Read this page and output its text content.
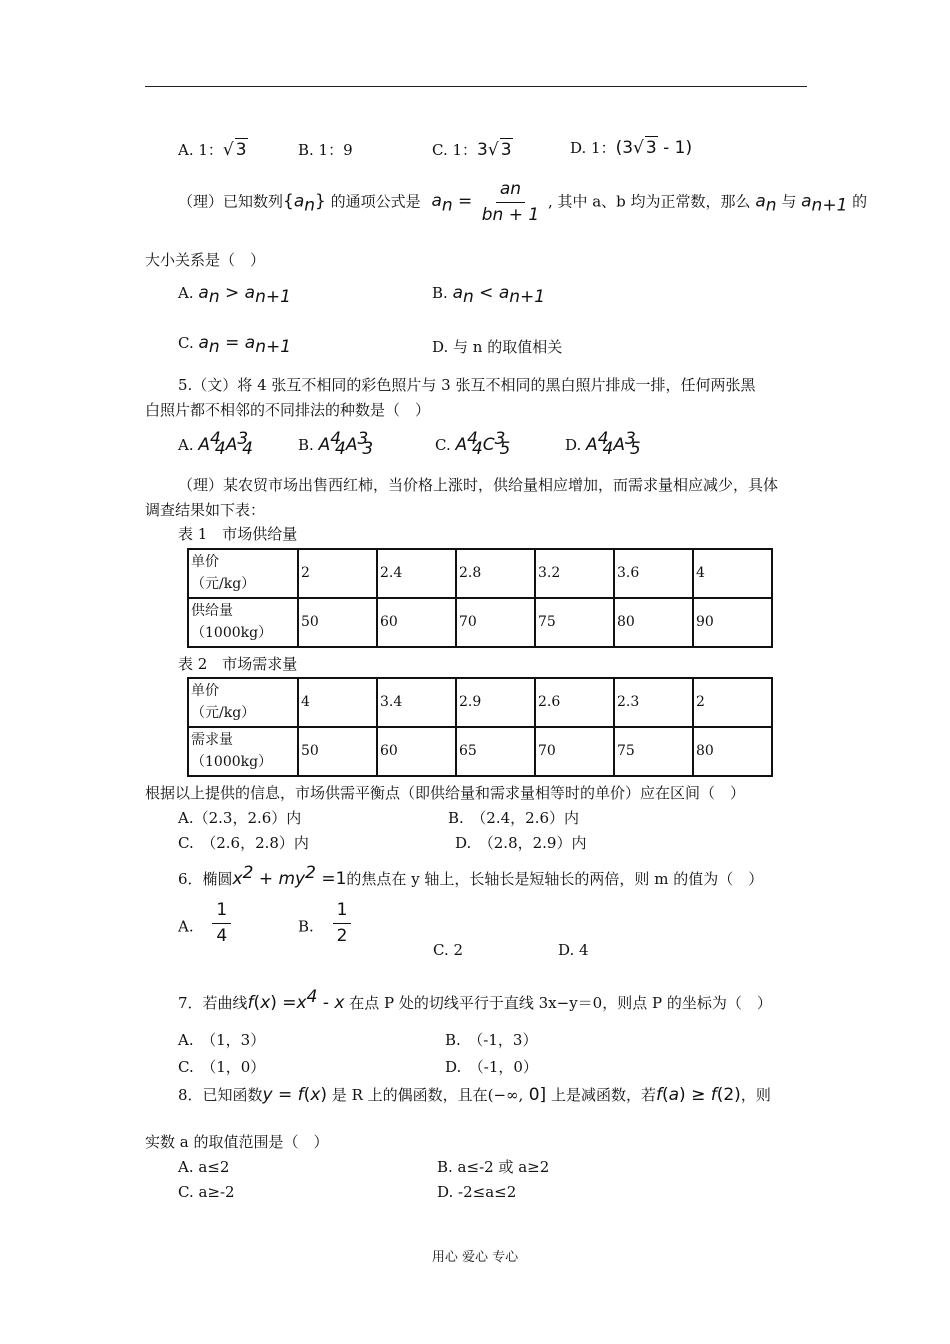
A. 1：√ 3	B. 1：9	C. 1：3√ 3	D. 1：(3√ 3 - 1)
（理）已知数列$\{a_n\}$ 的通项公式是 $a_n = \frac{an}{bn + 1}$ , 其中 a、b 均为正常数，那么 $a_n$ 与 $a_{n+1}$ 的
大小关系是（　）
A. $a_n > a_{n+1}$	B. $a_n < a_{n+1}$
C. $a_n = a_{n+1}$	D. 与 n 的取值相关
5.（文）将 4 张互不相同的彩色照片与 3 张互不相同的黑白照片排成一排，任何两张黑
白照片都不相邻的不同排法的种数是（　）
A. $A^4_4A^3_4$	B. $A^4_4A^3_3$	C. $A^4_4C^3_5$	D. $A^4_4A^3_5$
（理）某农贸市场出售西红柿，当价格上涨时，供给量相应增加，而需求量相应减少，具体
调查结果如下表：
表 1　市场供给量
单价
（元/kg）	2	2.4	2.8	3.2	3.6	4
供给量
（1000kg）	50	60	70	75	80	90
表 2　市场需求量
单价
（元/kg）	4	3.4	2.9	2.6	2.3	2
需求量
（1000kg）	50	60	65	70	75	80
根据以上提供的信息，市场供需平衡点（即供给量和需求量相等时的单价）应在区间（　）
A.（2.3，2.6）内	B.　（2.4，2.6）内
C.　（2.6，2.8）内	D.　（2.8，2.9）内
6．椭圆$x^2 + my^2 =1$的焦点在 y 轴上，长轴长是短轴长的两倍，则 m 的值为（　）
A. $\frac{1}{4}$	B. $\frac{1}{2}$
C. 2	D. 4
7．若曲线$f(x) =x^4 - x$ 在点 P 处的切线平行于直线 3x−y＝0，则点 P 的坐标为（　）
A.　（1，3）	B.　（-1，3）
C.　（1，0）	D.　（-1，0）
8．已知函数y = f(x) 是 R 上的偶函数，且在(−∞, 0] 上是减函数，若f(a) ≥ f(2)，则
实数 a 的取值范围是（　）
A. a≤2	B. a≤-2 或 a≥2
C. a≥-2	D. -2≤a≤2
用心 爱心 专心
